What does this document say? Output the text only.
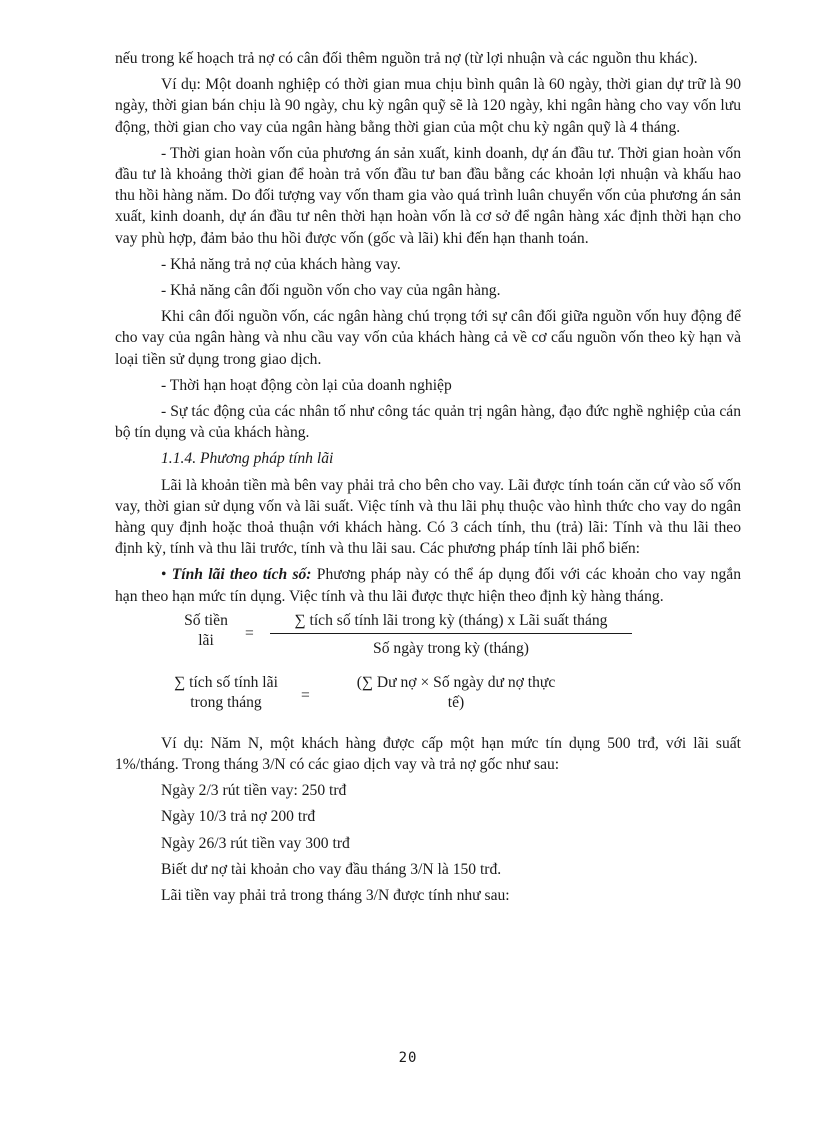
nếu trong kế hoạch trả nợ có cân đối thêm nguồn trả nợ (từ lợi nhuận và các nguồn thu khác).

Ví dụ: Một doanh nghiệp có thời gian mua chịu bình quân là 60 ngày, thời gian dự trữ là 90 ngày, thời gian bán chịu là 90 ngày, chu kỳ ngân quỹ sẽ là 120 ngày, khi ngân hàng cho vay vốn lưu động, thời gian cho vay của ngân hàng bằng thời gian của một chu kỳ ngân quỹ là 4 tháng.

- Thời gian hoàn vốn của phương án sản xuất, kinh doanh, dự án đầu tư. Thời gian hoàn vốn đầu tư là khoảng thời gian để hoàn trả vốn đầu tư ban đầu bằng các khoản lợi nhuận và khấu hao thu hồi hàng năm. Do đối tượng vay vốn tham gia vào quá trình luân chuyển vốn của phương án sản xuất, kinh doanh, dự án đầu tư nên thời hạn hoàn vốn là cơ sở để ngân hàng xác định thời hạn cho vay phù hợp, đảm bảo thu hồi được vốn (gốc và lãi) khi đến hạn thanh toán.

- Khả năng trả nợ của khách hàng vay.

- Khả năng cân đối nguồn vốn cho vay của ngân hàng.

Khi cân đối nguồn vốn, các ngân hàng chú trọng tới sự cân đối giữa nguồn vốn huy động để cho vay của ngân hàng và nhu cầu vay vốn của khách hàng cả về cơ cấu nguồn vốn theo kỳ hạn và loại tiền sử dụng trong giao dịch.

- Thời hạn hoạt động còn lại của doanh nghiệp

- Sự tác động của các nhân tố như công tác quản trị ngân hàng, đạo đức nghề nghiệp của cán bộ tín dụng và của khách hàng.

1.1.4. Phương pháp tính lãi

Lãi là khoản tiền mà bên vay phải trả cho bên cho vay. Lãi được tính toán căn cứ vào số vốn vay, thời gian sử dụng vốn và lãi suất. Việc tính và thu lãi phụ thuộc vào hình thức cho vay do ngân hàng quy định hoặc thoả thuận với khách hàng. Có 3 cách tính, thu (trả) lãi: Tính và thu lãi theo định kỳ, tính và thu lãi trước, tính và thu lãi sau. Các phương pháp tính lãi phổ biến:

• Tính lãi theo tích số: Phương pháp này có thể áp dụng đối với các khoản cho vay ngắn hạn theo hạn mức tín dụng. Việc tính và thu lãi được thực hiện theo định kỳ hàng tháng.

Số tiền
lãi	=
∑ tích số tính lãi trong kỳ (tháng) x Lãi suất tháng
Số ngày trong kỳ (tháng)
∑ tích số tính lãi
trong tháng	=
(∑ Dư nợ × Số ngày dư nợ thực
tế)

Ví dụ: Năm N, một khách hàng được cấp một hạn mức tín dụng 500 trđ, với lãi suất 1%/tháng. Trong tháng 3/N có các giao dịch vay và trả nợ gốc như sau:

Ngày 2/3 rút tiền vay: 250 trđ

Ngày 10/3 trả nợ 200 trđ

Ngày 26/3 rút tiền vay 300 trđ

Biết dư nợ tài khoản cho vay đầu tháng 3/N là 150 trđ.

Lãi tiền vay phải trả trong tháng 3/N được tính như sau:

20
